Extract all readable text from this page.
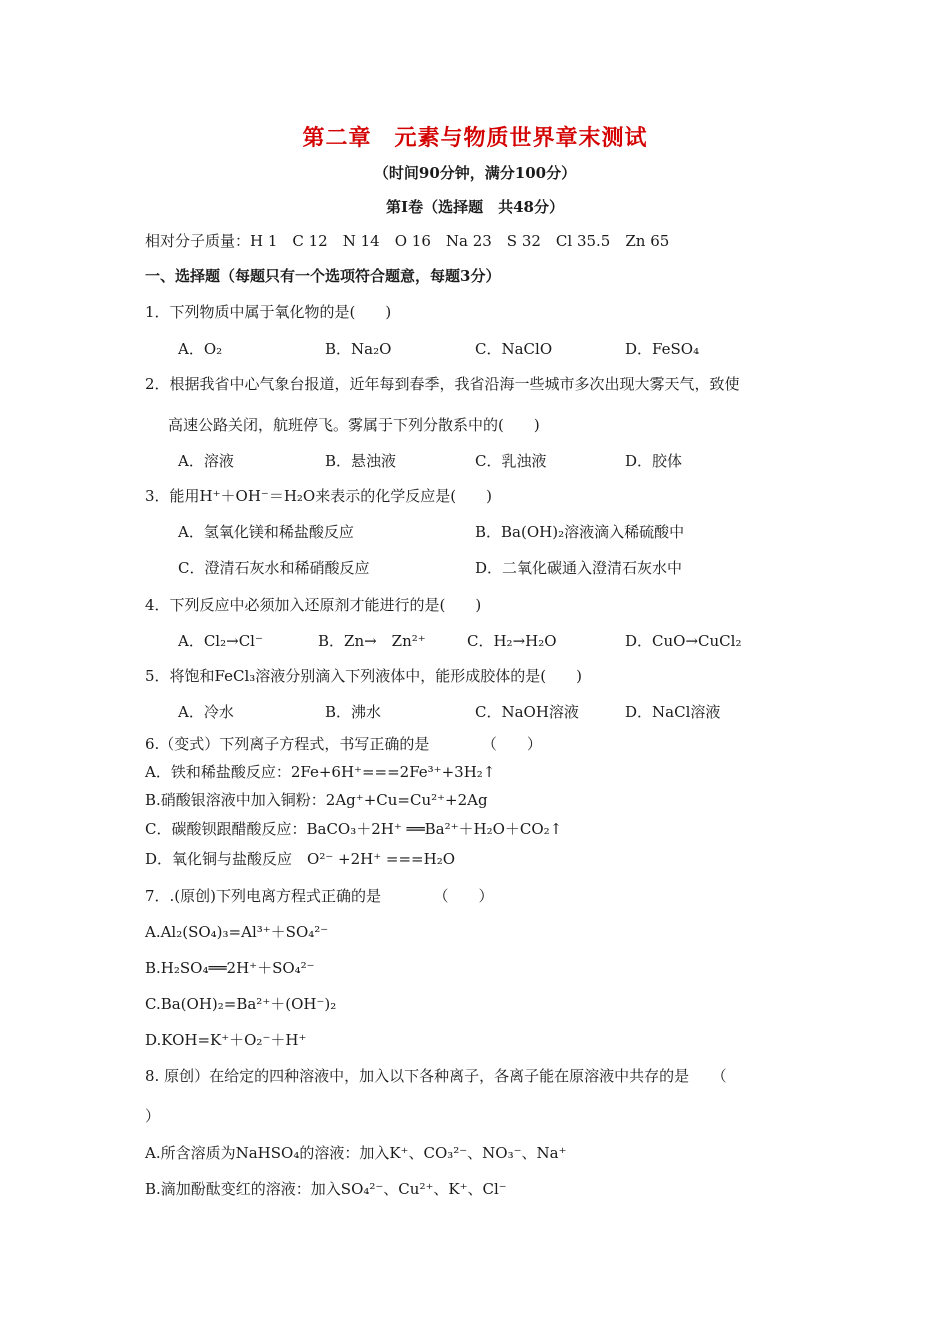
第二章　元素与物质世界章末测试
（时间90分钟，满分100分）
第Ⅰ卷（选择题　共48分）
相对分子质量：H 1　C 12　N 14　O 16　Na 23　S 32　Cl 35.5　Zn 65
一、选择题（每题只有一个选项符合题意，每题3分）
1．下列物质中属于氧化物的是(　　)
A．O₂	B．Na₂O	C．NaClO	D．FeSO₄
2．根据我省中心气象台报道，近年每到春季，我省沿海一些城市多次出现大雾天气，致使
高速公路关闭，航班停飞。雾属于下列分散系中的(　　)
A．溶液	B．悬浊液	C．乳浊液	D．胶体
3．能用H⁺＋OH⁻＝H₂O来表示的化学反应是(　　)
A．氢氧化镁和稀盐酸反应	B．Ba(OH)₂溶液滴入稀硫酸中
C．澄清石灰水和稀硝酸反应	D．二氧化碳通入澄清石灰水中
4．下列反应中必须加入还原剂才能进行的是(　　)
A．Cl₂→Cl⁻	B．Zn→　Zn²⁺	C．H₂→H₂O	D．CuO→CuCl₂
5．将饱和FeCl₃溶液分别滴入下列液体中，能形成胶体的是(　　)
A．冷水	B．沸水	C．NaOH溶液	D．NaCl溶液
6.（变式）下列离子方程式，书写正确的是　　　　（　　）
A．铁和稀盐酸反应：2Fe+6H⁺===2Fe³⁺+3H₂↑
B.硝酸银溶液中加入铜粉：2Ag⁺+Cu=Cu²⁺+2Ag
C．碳酸钡跟醋酸反应：BaCO₃＋2H⁺ ══Ba²⁺＋H₂O＋CO₂↑
D．氧化铜与盐酸反应　O²⁻ +2H⁺ ===H₂O
7．.(原创)下列电离方程式正确的是　　　　（　　）
A.Al₂(SO₄)₃=Al³⁺＋SO₄²⁻
B.H₂SO₄══2H⁺＋SO₄²⁻
C.Ba(OH)₂=Ba²⁺＋(OH⁻)₂
D.KOH=K⁺＋O₂⁻＋H⁺
8. 原创）在给定的四种溶液中，加入以下各种离子，各离子能在原溶液中共存的是　　（
）
A.所含溶质为NaHSO₄的溶液：加入K⁺、CO₃²⁻、NO₃⁻、Na⁺
B.滴加酚酞变红的溶液：加入SO₄²⁻、Cu²⁺、K⁺、Cl⁻
